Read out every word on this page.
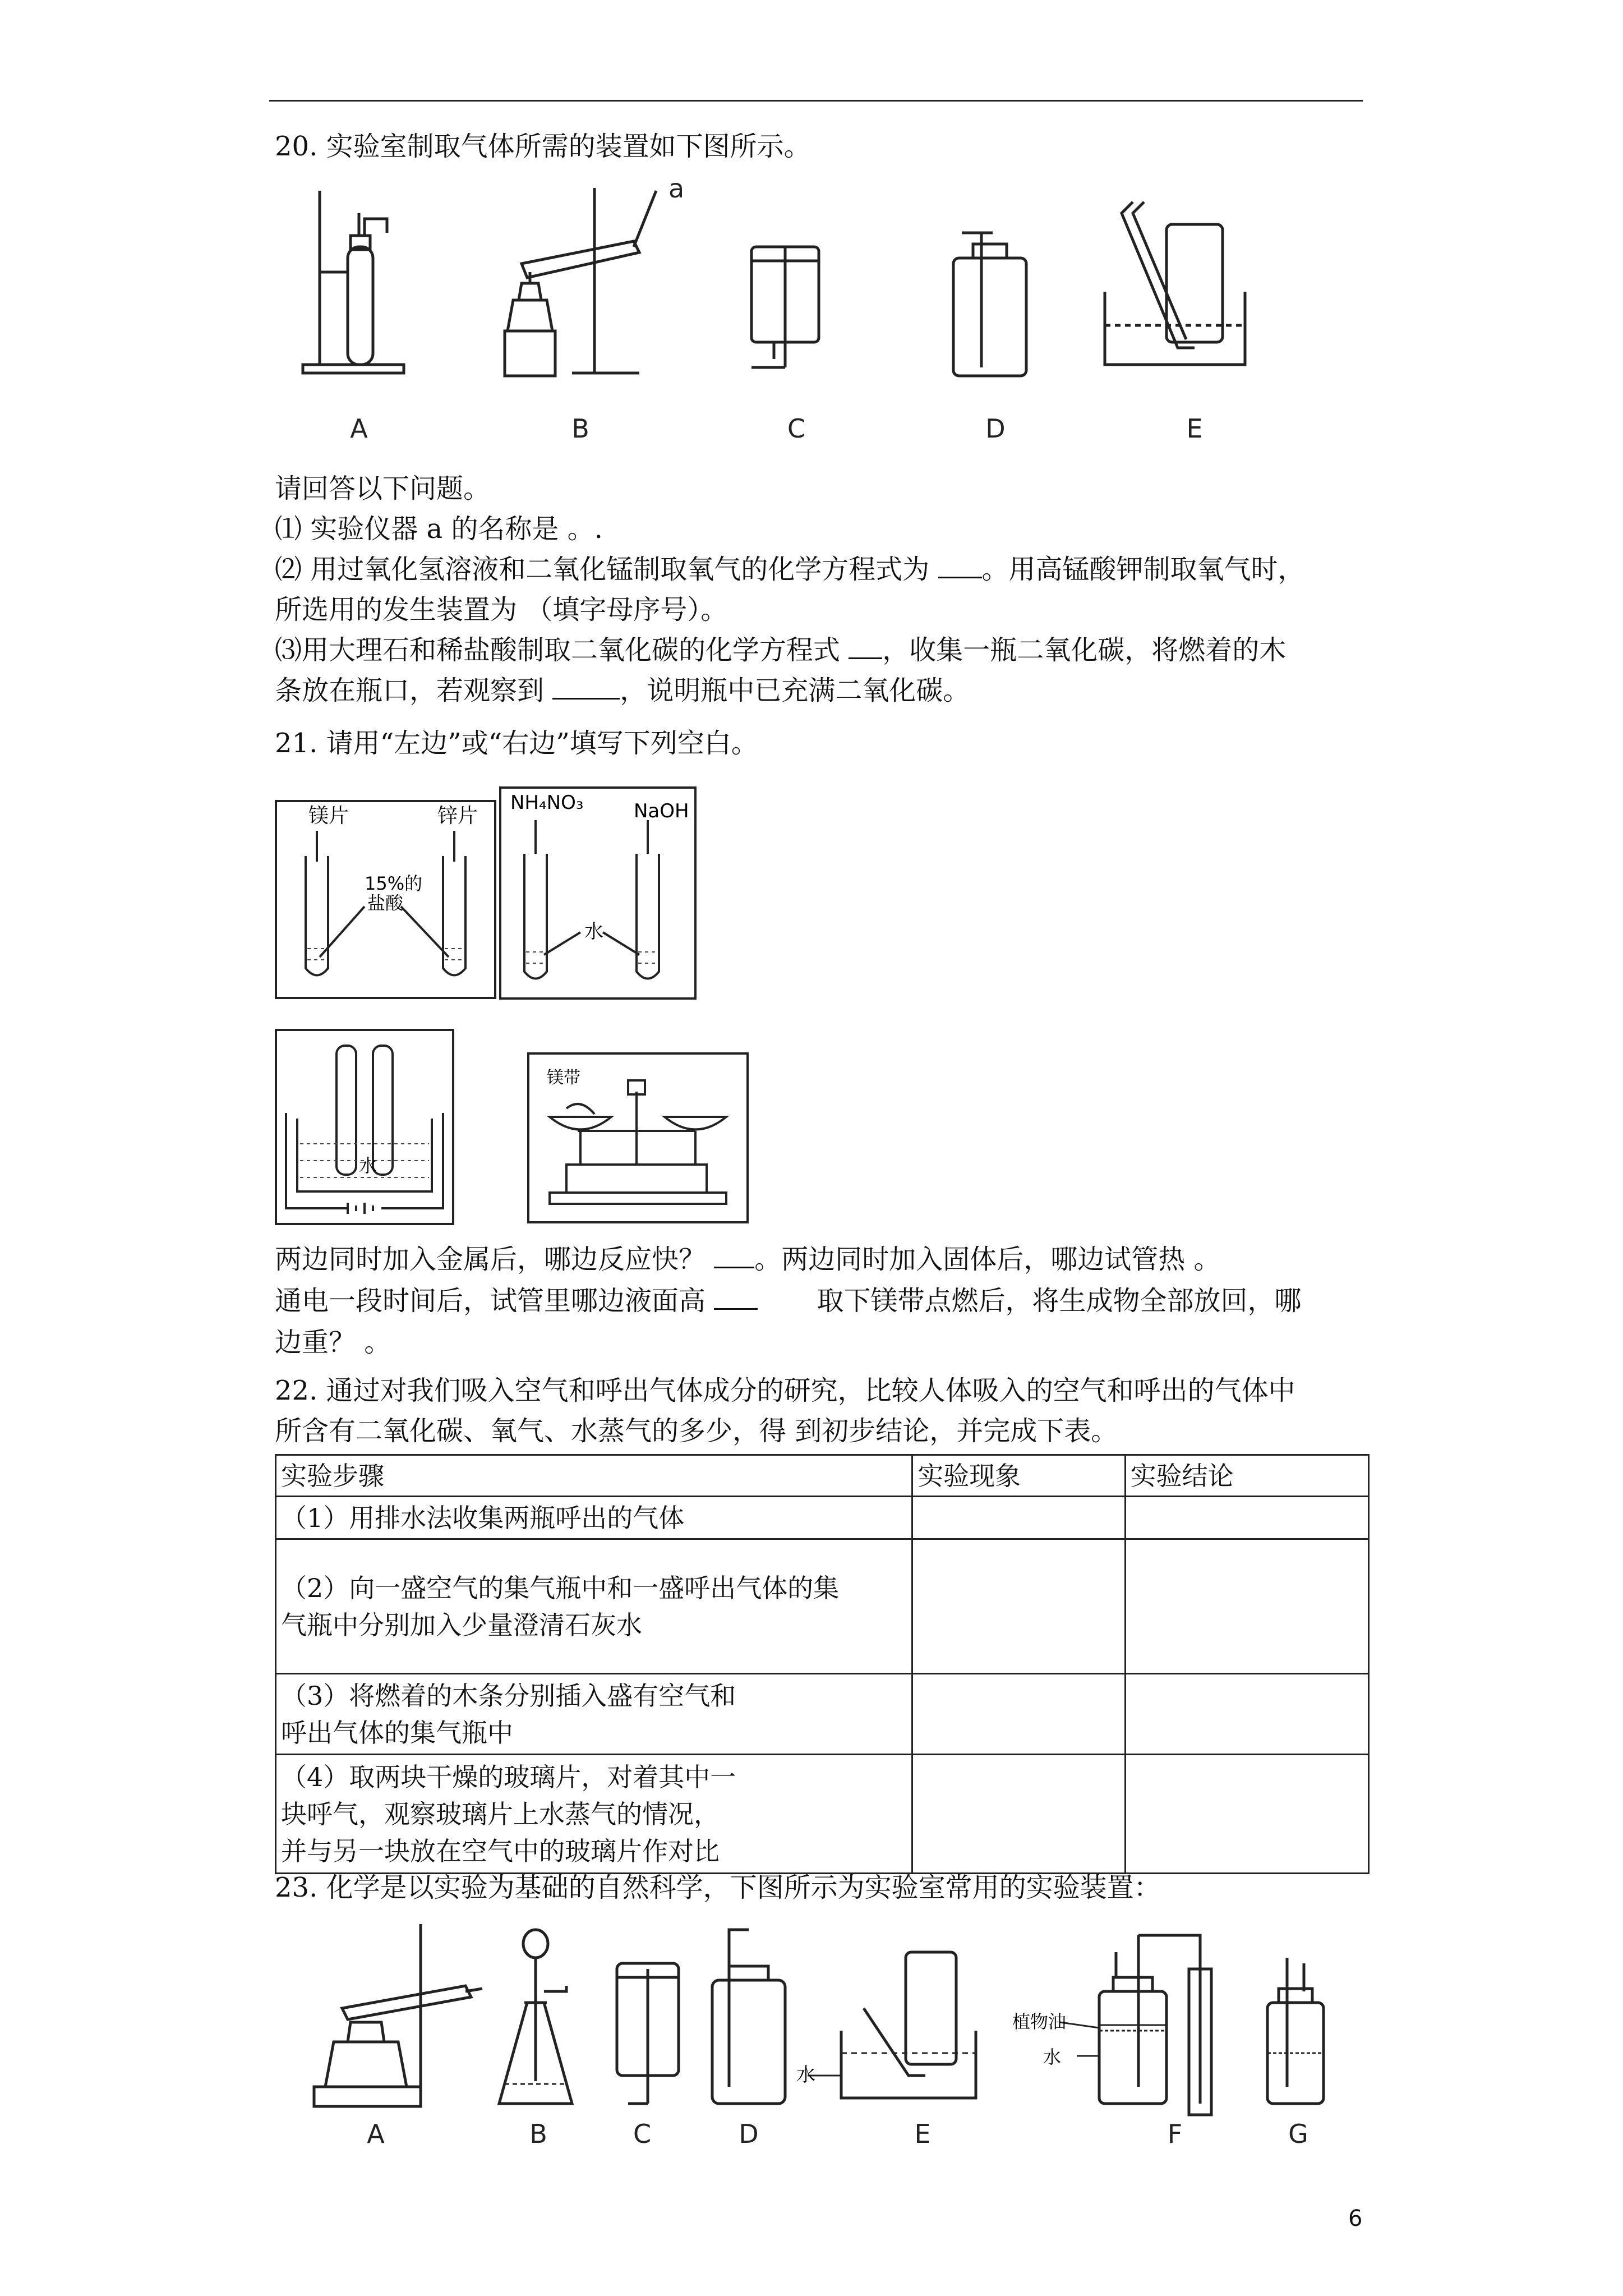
20. 实验室制取气体所需的装置如下图所示。
a
A	B	C	D	E
请回答以下问题。
⑴ 实验仪器 a 的名称是 。.
⑵ 用过氧化氢溶液和二氧化锰制取氧气的化学方程式为 。用高锰酸钾制取氧气时，
所选用的发生装置为 （填字母序号）。
⑶用大理石和稀盐酸制取二氧化碳的化学方程式 ，收集一瓶二氧化碳，将燃着的木
条放在瓶口，若观察到	，说明瓶中已充满二氧化碳。
21. 请用“左边”或“右边”填写下列空白。
镁片	锌片
15%的
盐酸
NH₄NO₃	NaOH
水
水
镁带
两边同时加入金属后，哪边反应快？ 。两边同时加入固体后，哪边试管热 。
通电一段时间后，试管里哪边液面高	取下镁带点燃后，将生成物全部放回，哪
边重？ 。
22. 通过对我们吸入空气和呼出气体成分的研究，比较人体吸入的空气和呼出的气体中
所含有二氧化碳、氧气、水蒸气的多少，得 到初步结论，并完成下表。
实验步骤	实验现象	实验结论
（1）用排水法收集两瓶呼出的气体		

（2）向一盛空气的集气瓶中和一盛呼出气体的集
气瓶中分别加入少量澄清石灰水		

（3）将燃着的木条分别插入盛有空气和
呼出气体的集气瓶中		

（4）取两块干燥的玻璃片，对着其中一
块呼气，观察玻璃片上水蒸气的情况，
并与另一块放在空气中的玻璃片作对比		

23. 化学是以实验为基础的自然科学，下图所示为实验室常用的实验装置：
水
植物油
水
A	B	C	D	E	F	G
6
